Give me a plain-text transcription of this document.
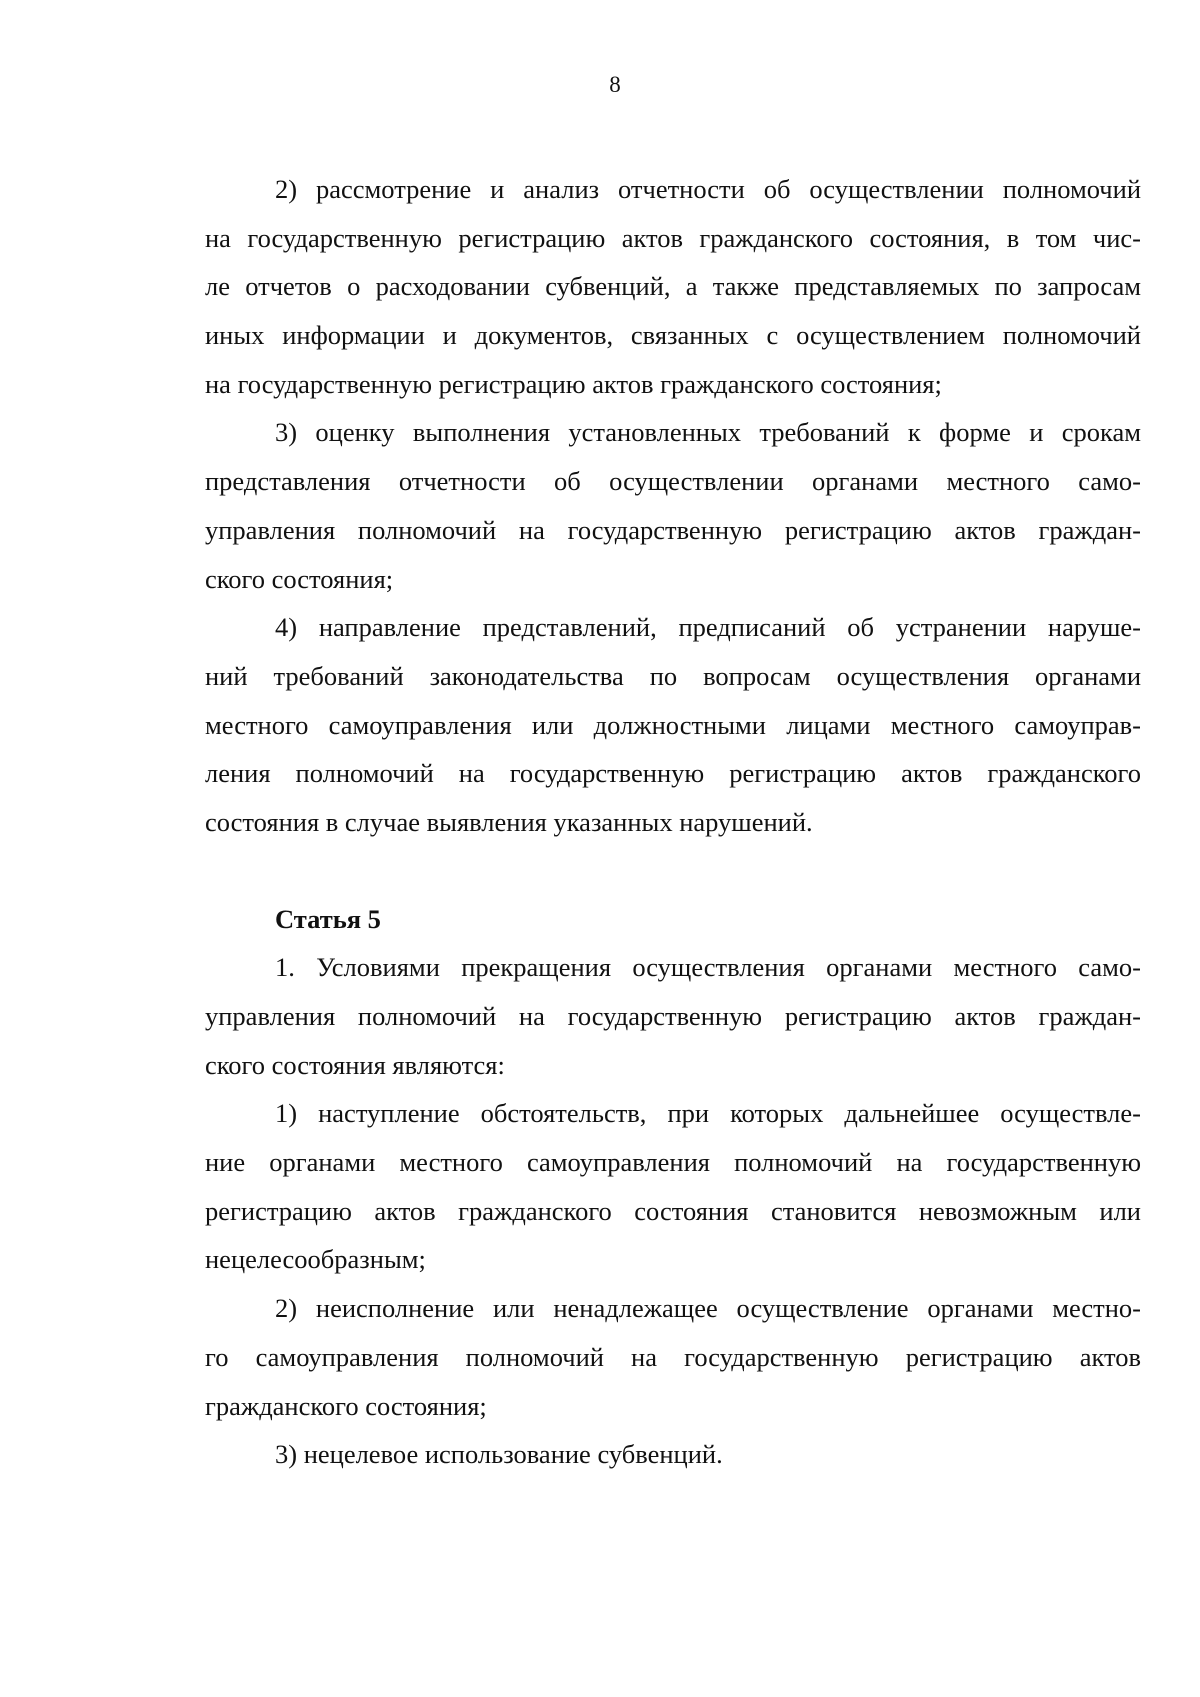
8
2) рассмотрение и анализ отчетности об осуществлении полномочий
на государственную регистрацию актов гражданского состояния, в том чис-
ле отчетов о расходовании субвенций, а также представляемых по запросам
иных информации и документов, связанных с осуществлением полномочий
на государственную регистрацию актов гражданского состояния;
3) оценку выполнения установленных требований к форме и срокам
представления отчетности об осуществлении органами местного само-
управления полномочий на государственную регистрацию актов граждан-
ского состояния;
4) направление представлений, предписаний об устранении наруше-
ний требований законодательства по вопросам осуществления органами
местного самоуправления или должностными лицами местного самоуправ-
ления полномочий на государственную регистрацию актов гражданского
состояния в случае выявления указанных нарушений.
Статья 5
1. Условиями прекращения осуществления органами местного само-
управления полномочий на государственную регистрацию актов граждан-
ского состояния являются:
1) наступление обстоятельств, при которых дальнейшее осуществле-
ние органами местного самоуправления полномочий на государственную
регистрацию актов гражданского состояния становится невозможным или
нецелесообразным;
2) неисполнение или ненадлежащее осуществление органами местно-
го самоуправления полномочий на государственную регистрацию актов
гражданского состояния;
3) нецелевое использование субвенций.
